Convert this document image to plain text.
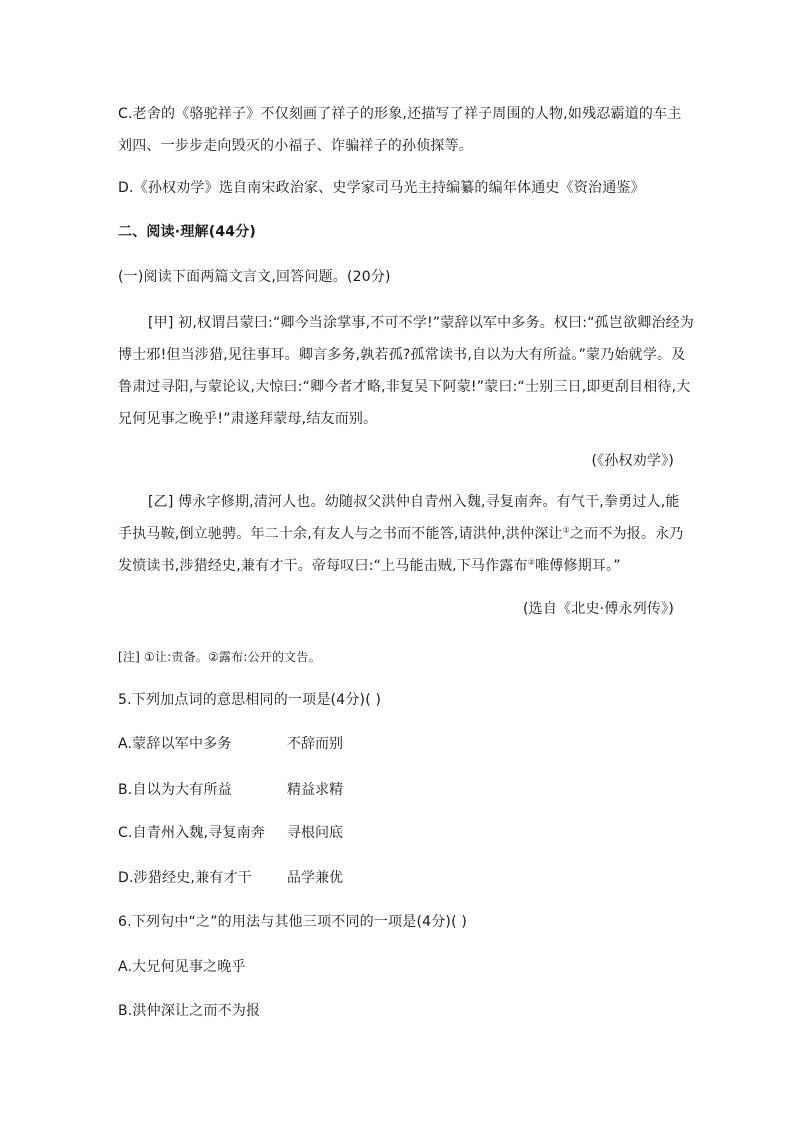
C.老舍的《骆驼祥子》不仅刻画了祥子的形象,还描写了祥子周围的人物,如残忍霸道的车主
刘四、一步步走向毁灭的小福子、诈骗祥子的孙侦探等。
D.《孙权劝学》选自南宋政治家、史学家司马光主持编纂的编年体通史《资治通鉴》
二、阅读·理解(44分)
(一)阅读下面两篇文言文,回答问题。(20分)
[甲] 初,权谓吕蒙曰:“卿今当涂掌事,不可不学!”蒙辞以军中多务。权曰:“孤岂欲卿治经为
博士邪!但当涉猎,见往事耳。卿言多务,孰若孤?孤常读书,自以为大有所益。”蒙乃始就学。及
鲁肃过寻阳,与蒙论议,大惊曰:“卿今者才略,非复吴下阿蒙!”蒙曰:“士别三日,即更刮目相待,大
兄何见事之晚乎!”肃遂拜蒙母,结友而别。
(《孙权劝学》)
[乙] 傅永字修期,清河人也。幼随叔父洪仲自青州入魏,寻复南奔。有气干,拳勇过人,能
手执马鞍,倒立驰骋。年二十余,有友人与之书而不能答,请洪仲,洪仲深让①之而不为报。永乃
发愤读书,涉猎经史,兼有才干。帝每叹曰:“上马能击贼,下马作露布②唯傅修期耳。”
(选自《北史·傅永列传》)
[注] ①让:责备。②露布:公开的文告。
5.下列加点词的意思相同的一项是(4分)( )
A.蒙辞以军中多务	不辞而别
B.自以为大有所益	精益求精
C.自青州入魏,寻复南奔 寻根问底
D.涉猎经史,兼有才干	品学兼优
6.下列句中“之”的用法与其他三项不同的一项是(4分)( )
A.大兄何见事之晚乎
B.洪仲深让之而不为报
